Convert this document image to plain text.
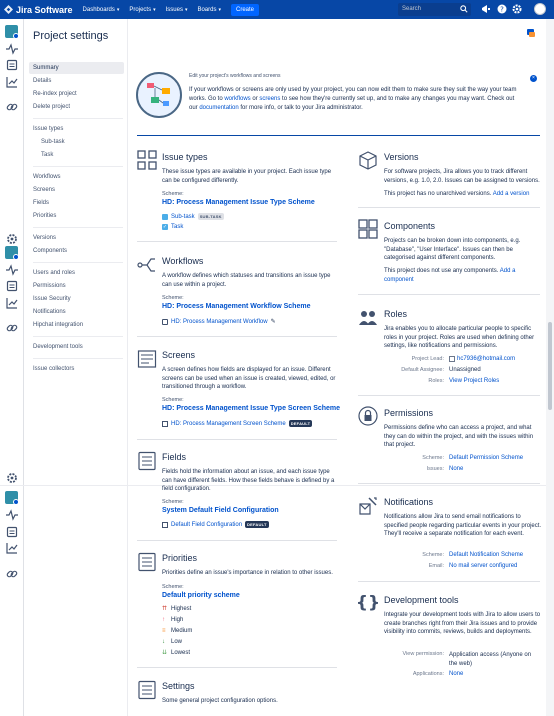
Jira Software Dashboards ▾ Projects ▾ Issues ▾ Boards ▾	Create	Search	?
Project settings
Summary
Details
Re-index project
Delete project
Issue types
Sub-task
Task
Workflows
Screens
Fields
Priorities
Versions
Components
Users and roles
Permissions
Issue Security
Notifications
Hipchat integration
Development tools
Issue collectors
Edit your project's workflows and screens
If your workflows or screens are only used by your project, you can now edit them to make sure they suit the way your team works. Go to workflows or screens to see how they're currently set up, and to make any changes you may want. Check out our documentation for more info, or talk to your Jira administrator.
×
Issue types
These issue types are available in your project. Each issue type can be configured differently.
Scheme:
HD: Process Management Issue Type Scheme
Sub-task	SUB-TASK
✓ Task
Workflows
A workflow defines which statuses and transitions an issue type can use within a project.
Scheme:
HD: Process Management Workflow Scheme
HD: Process Management Workflow ✎
Screens
A screen defines how fields are displayed for an issue. Different screens can be used when an issue is created, viewed, edited, or transitioned through a workflow.
Scheme:
HD: Process Management Issue Type Screen Scheme
HD: Process Management Screen Scheme	DEFAULT
Fields
Fields hold the information about an issue, and each issue type can have different fields. How these fields behave is defined by a field configuration.
Scheme:
System Default Field Configuration
Default Field Configuration	DEFAULT
Priorities
Priorities define an issue's importance in relation to other issues.
Scheme:
Default priority scheme
⇈ Highest
↑	High
≡ Medium
↓	Low
⇊ Lowest
Settings
Some general project configuration options.
Versions
For software projects, Jira allows you to track different versions, e.g. 1.0, 2.0. Issues can be assigned to versions.
This project has no unarchived versions. Add a version
Components
Projects can be broken down into components, e.g. "Database", "User Interface". Issues can then be categorised against different components.
This project does not use any components. Add a component
Roles
Jira enables you to allocate particular people to specific roles in your project. Roles are used when defining other settings, like notifications and permissions.
Project Lead: hc7936@hotmail.com
Default Assignee: Unassigned
Roles: View Project Roles
Permissions
Permissions define who can access a project, and what they can do within the project, and with the issues within that project.
Scheme: Default Permission Scheme
Issues: None
Notifications
Notifications allow Jira to send email notifications to specified people regarding particular events in your project. They'll receive a separate notification for each event.
Scheme: Default Notification Scheme
Email: No mail server configured
{} Development tools
Integrate your development tools with Jira to allow users to create branches right from their Jira issues and to provide visibility into commits, reviews, builds and deployments.
View permission: Application access (Anyone on the web)
Applications: None
